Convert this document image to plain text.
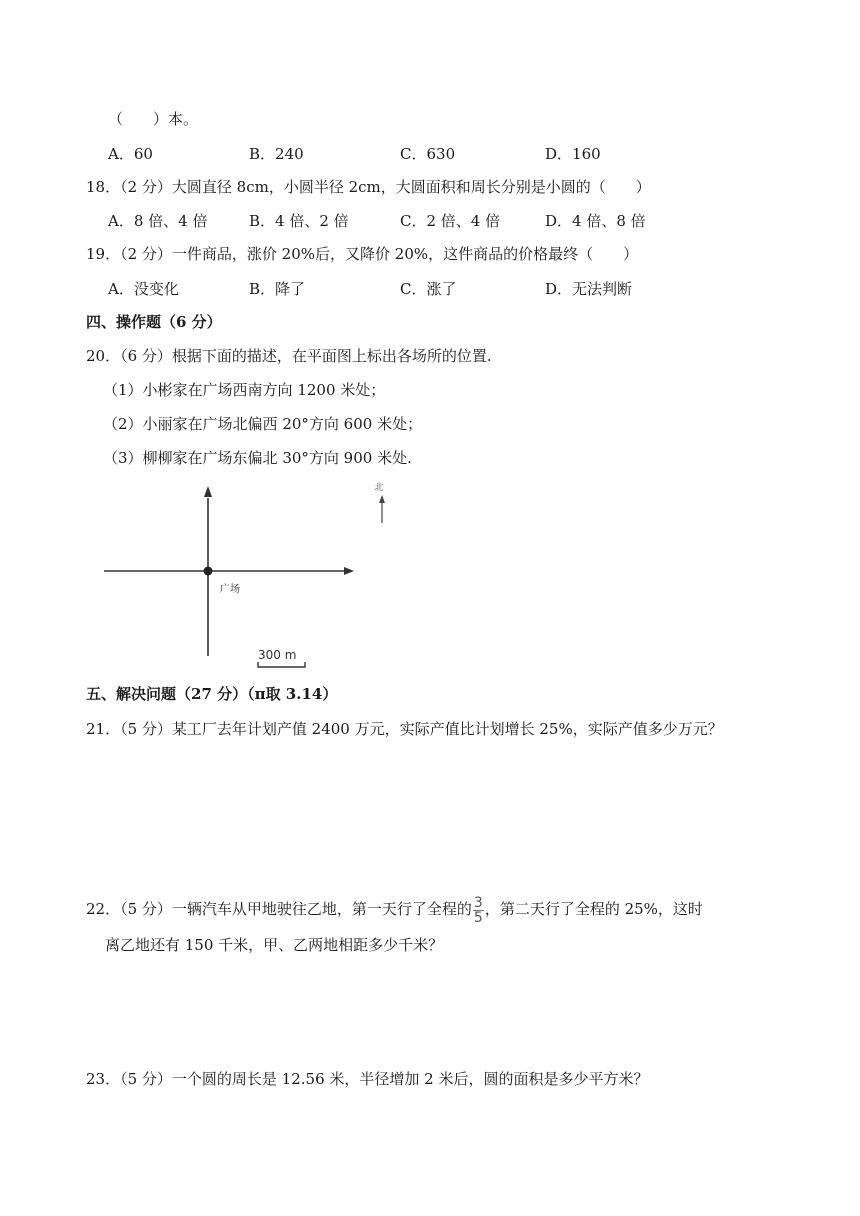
（　　）本。
A．60	B．240	C．630	D．160
18．（2 分）大圆直径 8cm，小圆半径 2cm，大圆面积和周长分别是小圆的（　　）
A．8 倍、4 倍	B．4 倍、2 倍	C．2 倍、4 倍	D．4 倍、8 倍
19．（2 分）一件商品，涨价 20%后，又降价 20%，这件商品的价格最终（　　）
A．没变化	B．降了	C．涨了	D．无法判断
四、操作题（6 分）
20．（6 分）根据下面的描述，在平面图上标出各场所的位置.
（1）小彬家在广场西南方向 1200 米处；
（2）小丽家在广场北偏西 20°方向 600 米处；
（3）柳柳家在广场东偏北 30°方向 900 米处.
广场
北
300 m
五、解决问题（27 分）（π取 3.14）
21．（5 分）某工厂去年计划产值 2400 万元，实际产值比计划增长 25%，实际产值多少万元？
22．（5 分）一辆汽车从甲地驶往乙地，第一天行了全程的 $\frac{3}{5}$ ，第二天行了全程的 25%，这时
离乙地还有 150 千米，甲、乙两地相距多少千米？
23．（5 分）一个圆的周长是 12.56 米，半径增加 2 米后，圆的面积是多少平方米？
